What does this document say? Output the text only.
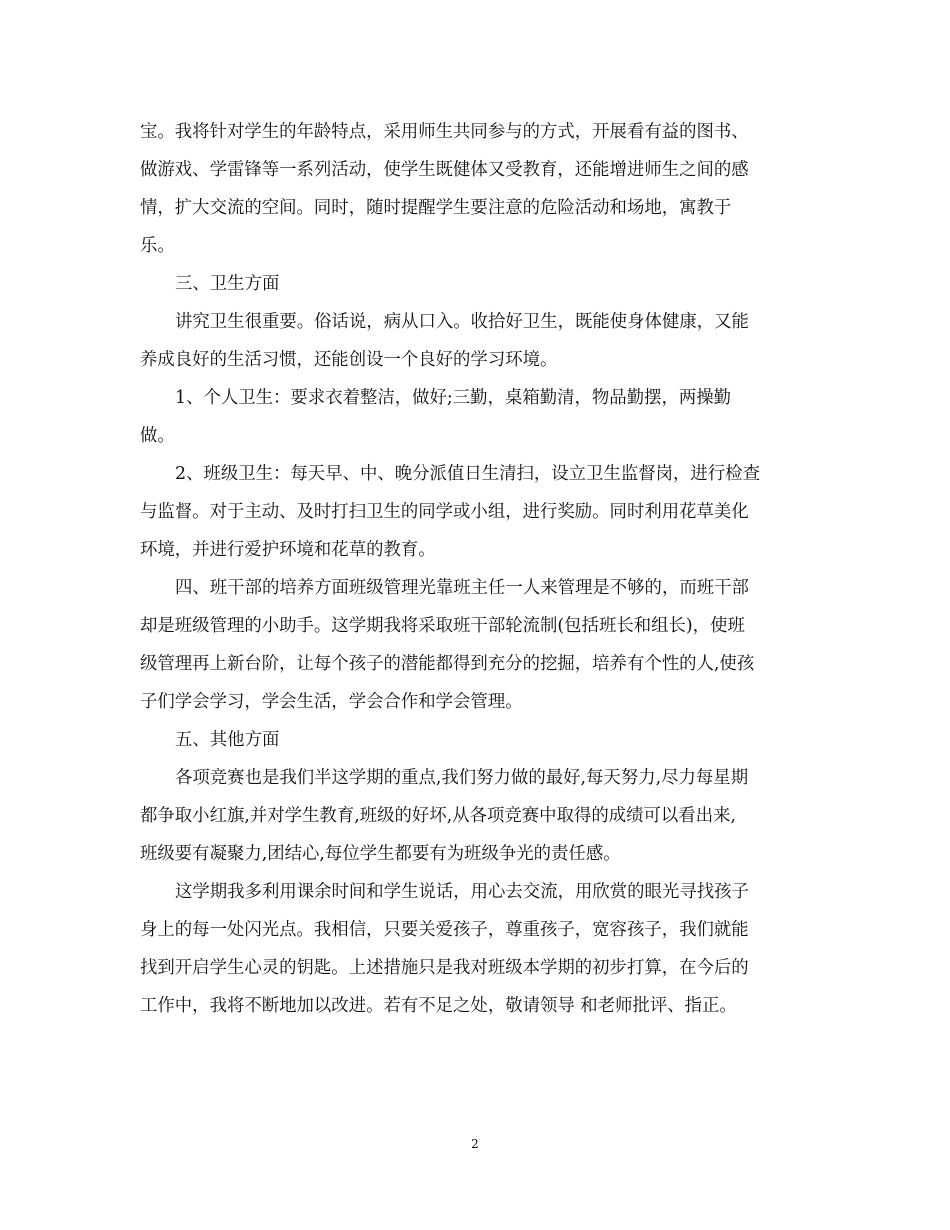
宝。我将针对学生的年龄特点，采用师生共同参与的方式，开展看有益的图书、
做游戏、学雷锋等一系列活动，使学生既健体又受教育，还能增进师生之间的感
情，扩大交流的空间。同时，随时提醒学生要注意的危险活动和场地，寓教于
乐。
三、卫生方面
讲究卫生很重要。俗话说，病从口入。收拾好卫生，既能使身体健康，又能
养成良好的生活习惯，还能创设一个良好的学习环境。
1、个人卫生：要求衣着整洁，做好;三勤，桌箱勤清，物品勤摆，两操勤
做。
2、班级卫生：每天早、中、晚分派值日生清扫，设立卫生监督岗，进行检查
与监督。对于主动、及时打扫卫生的同学或小组，进行奖励。同时利用花草美化
环境，并进行爱护环境和花草的教育。
四、班干部的培养方面班级管理光靠班主任一人来管理是不够的，而班干部
却是班级管理的小助手。这学期我将采取班干部轮流制(包括班长和组长)，使班
级管理再上新台阶，让每个孩子的潜能都得到充分的挖掘，培养有个性的人,使孩
子们学会学习，学会生活，学会合作和学会管理。
五、其他方面
各项竞赛也是我们半这学期的重点,我们努力做的最好,每天努力,尽力每星期
都争取小红旗,并对学生教育,班级的好坏,从各项竞赛中取得的成绩可以看出来,
班级要有凝聚力,团结心,每位学生都要有为班级争光的责任感。
这学期我多利用课余时间和学生说话，用心去交流，用欣赏的眼光寻找孩子
身上的每一处闪光点。我相信，只要关爱孩子，尊重孩子，宽容孩子，我们就能
找到开启学生心灵的钥匙。上述措施只是我对班级本学期的初步打算，在今后的
工作中，我将不断地加以改进。若有不足之处，敬请领导 和老师批评、指正。
2
